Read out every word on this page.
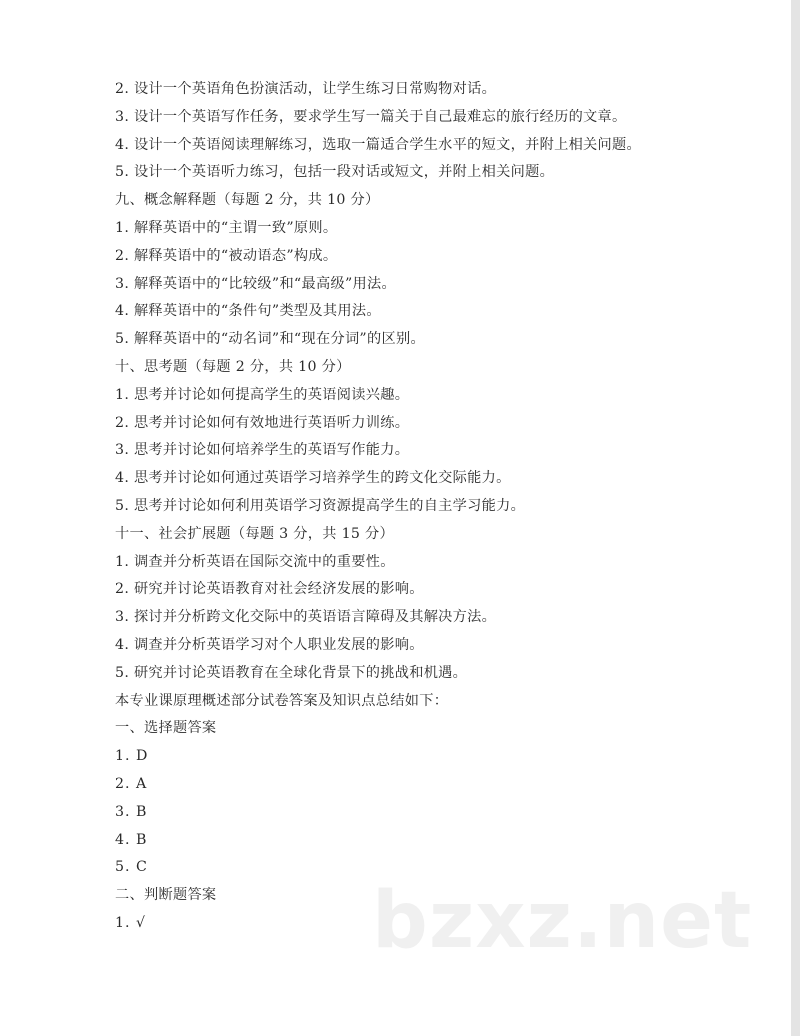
2. 设计一个英语角色扮演活动，让学生练习日常购物对话。
3. 设计一个英语写作任务，要求学生写一篇关于自己最难忘的旅行经历的文章。
4. 设计一个英语阅读理解练习，选取一篇适合学生水平的短文，并附上相关问题。
5. 设计一个英语听力练习，包括一段对话或短文，并附上相关问题。
九、概念解释题（每题 2 分，共 10 分）
1. 解释英语中的“主谓一致”原则。
2. 解释英语中的“被动语态”构成。
3. 解释英语中的“比较级”和“最高级”用法。
4. 解释英语中的“条件句”类型及其用法。
5. 解释英语中的“动名词”和“现在分词”的区别。
十、思考题（每题 2 分，共 10 分）
1. 思考并讨论如何提高学生的英语阅读兴趣。
2. 思考并讨论如何有效地进行英语听力训练。
3. 思考并讨论如何培养学生的英语写作能力。
4. 思考并讨论如何通过英语学习培养学生的跨文化交际能力。
5. 思考并讨论如何利用英语学习资源提高学生的自主学习能力。
十一、社会扩展题（每题 3 分，共 15 分）
1. 调查并分析英语在国际交流中的重要性。
2. 研究并讨论英语教育对社会经济发展的影响。
3. 探讨并分析跨文化交际中的英语语言障碍及其解决方法。
4. 调查并分析英语学习对个人职业发展的影响。
5. 研究并讨论英语教育在全球化背景下的挑战和机遇。
本专业课原理概述部分试卷答案及知识点总结如下：
一、选择题答案
1. D
2. A
3. B
4. B
5. C
二、判断题答案
1. √	bzxz.net
